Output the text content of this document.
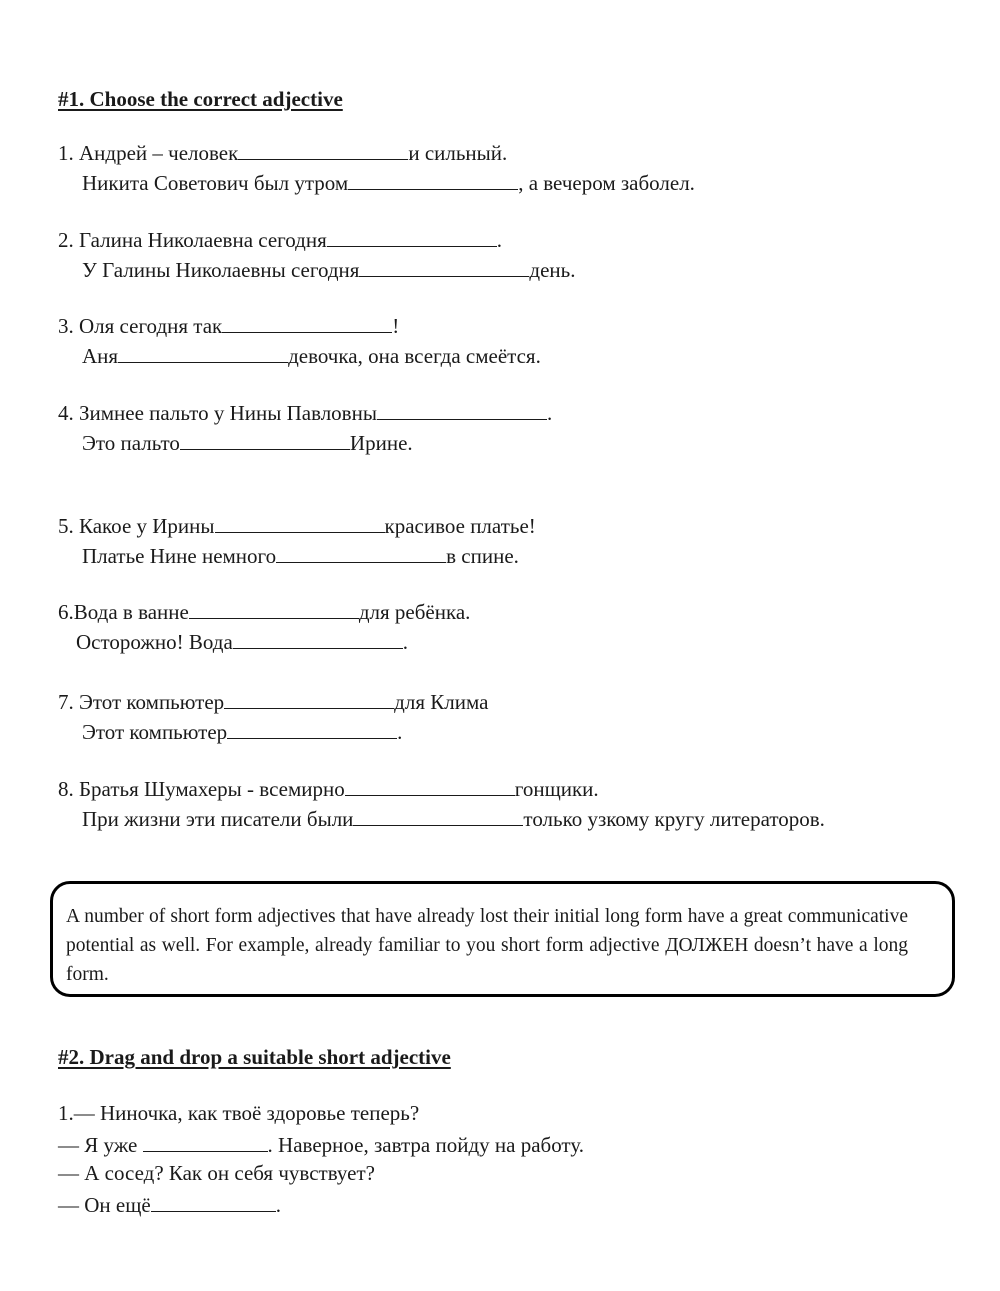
#1. Choose the correct adjective

1. Андрей – человек	и сильный.

Никита Советович был утром	, а вечером заболел.

2. Галина Николаевна сегодня	.

У Галины Николаевны сегодня	день.

3. Оля сегодня так	!

Аня	девочка, она всегда смеётся.

4. Зимнее пальто у Нины Павловны	.

Это пальто	Ирине.

5. Какое у Ирины	красивое платье!

Платье Нине немного	в спине.

6.Вода в ванне	для ребёнка.

Осторожно! Вода	.

7. Этот компьютер	для Клима

Этот компьютер	.

8. Братья Шумахеры - всемирно	гонщики.

При жизни эти писатели были	только узкому кругу литераторов.

A number of short form adjectives that have already lost their initial long form have a great communicative potential as well. For example, already familiar to you short form adjective ДОЛЖЕН doesn’t have a long form.
#2. Drag and drop a suitable short adjective

1.— Ниночка, как твоё здоровье теперь?

— Я уже	. Наверное, завтра пойду на работу.

— А сосед? Как он себя чувствует?

— Он ещё	.
